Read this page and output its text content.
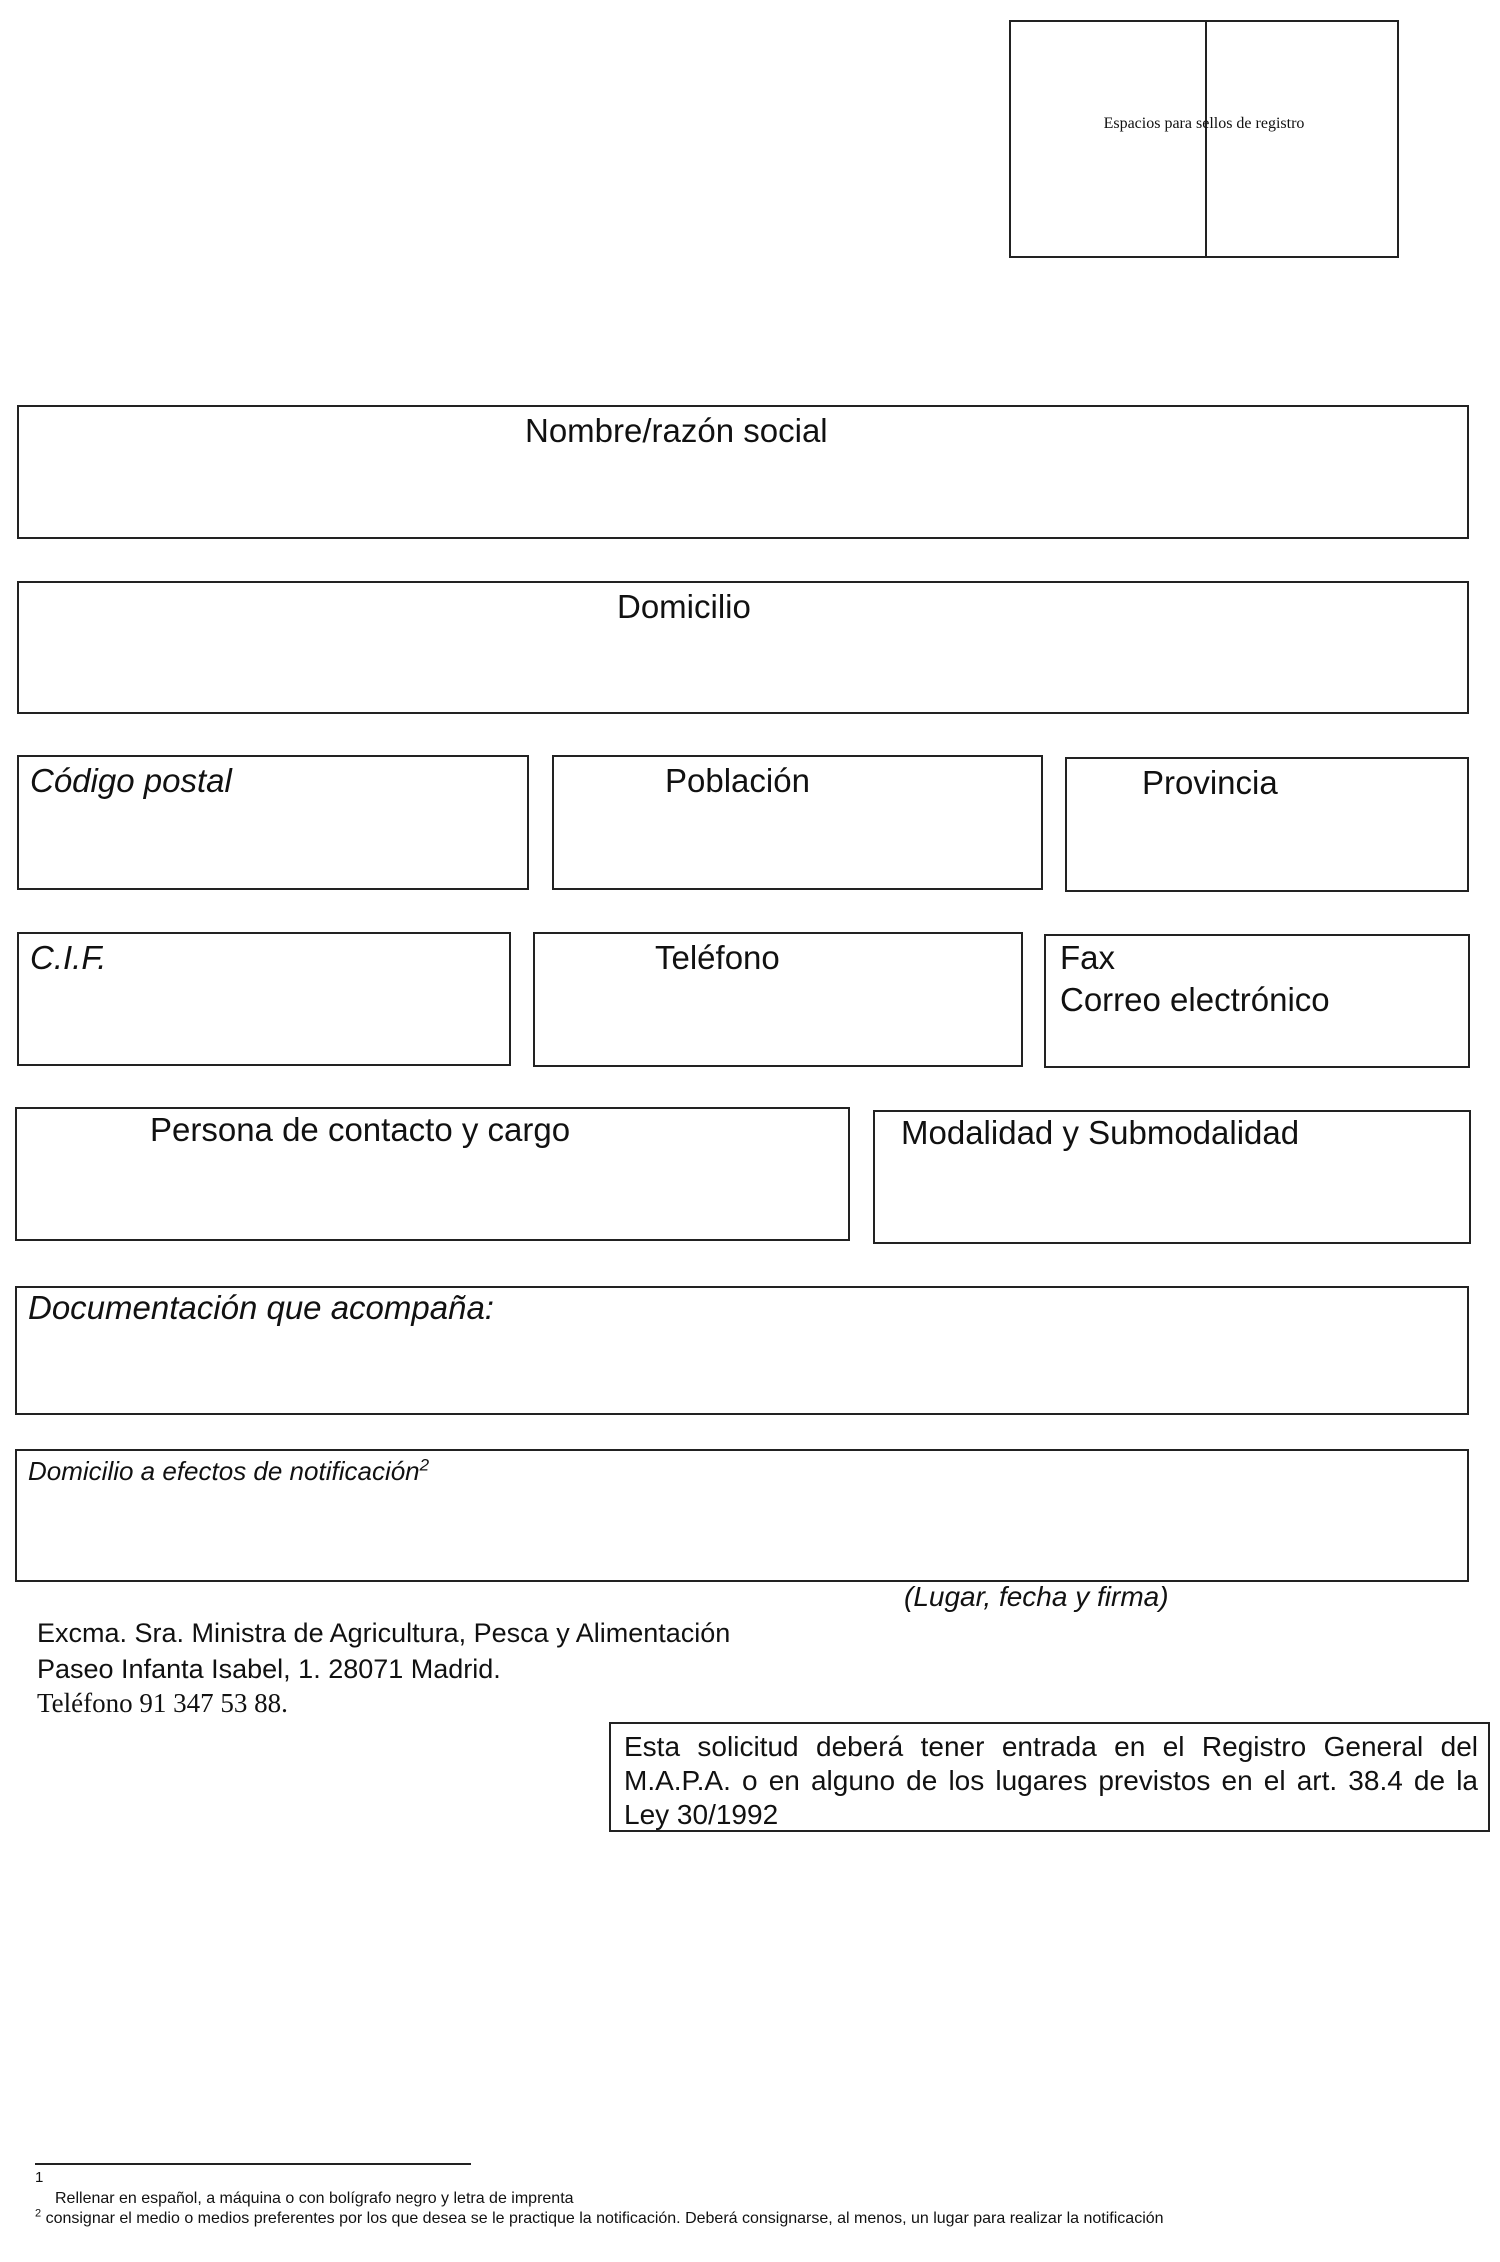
Espacios para sellos de registro
Nombre/razón social
Domicilio
Código postal	Población	Provincia
C.I.F.	Teléfono	Fax
Correo electrónico
Persona de contacto y cargo	Modalidad y Submodalidad
Documentación que acompaña:
Domicilio a efectos de notificación$^2$
(Lugar, fecha y firma)
Excma. Sra. Ministra de Agricultura, Pesca y Alimentación
Paseo Infanta Isabel, 1. 28071 Madrid.
Teléfono 91 347 53 88.
Esta solicitud deberá tener entrada en el Registro General del M.A.P.A. o en alguno de los lugares previstos en el art. 38.4 de la Ley 30/1992
1
Rellenar en español, a máquina o con bolígrafo negro y letra de imprenta
$^2$ consignar el medio o medios preferentes por los que desea se le practique la notificación. Deberá consignarse, al menos, un lugar para realizar la notificación
